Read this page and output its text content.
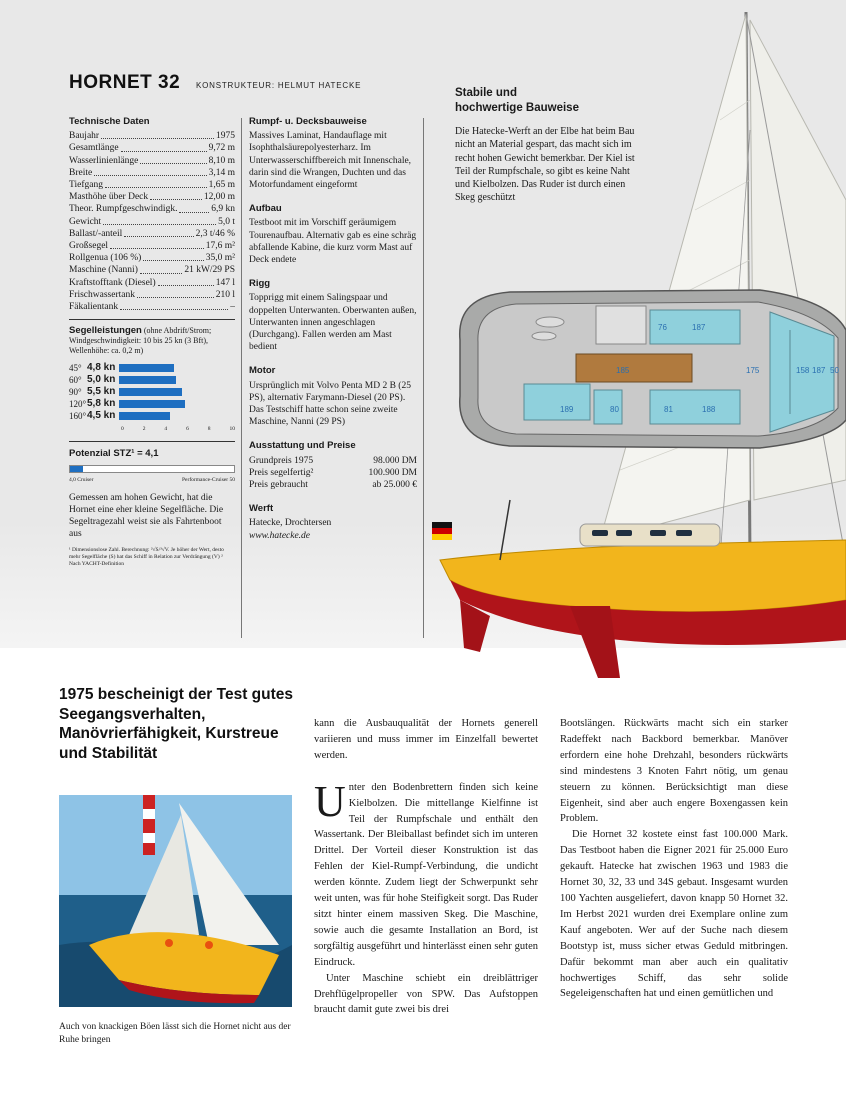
HORNET 32 KONSTRUKTEUR: HELMUT HATECKE
Technische Daten
Baujahr	1975
Gesamtlänge	9,72 m
Wasserlinienlänge	8,10 m
Breite	3,14 m
Tiefgang	1,65 m
Masthöhe über Deck	12,00 m
Theor. Rumpfgeschwindigk.	6,9 kn
Gewicht	5,0 t
Ballast/-anteil	2,3 t/46 %
Großsegel	17,6 m²
Rollgenua (106 %)	35,0 m²
Maschine (Nanni)	21 kW/29 PS
Kraftstofftank (Diesel)	147 l
Frischwassertank	210 l
Fäkalientank	–
Segelleistungen (ohne Abdrift/Strom;
Windgeschwindigkeit: 10 bis 25 kn (3 Bft),
Wellenhöhe: ca. 0,2 m)
45° 4,8 kn
60° 5,0 kn
90° 5,5 kn
120° 5,8 kn
160° 4,5 kn
0	2	4	6	8	10
Potenzial STZ¹ = 4,1
4,0 Cruiser	Performance-Cruiser 50
Gemessen am hohen Gewicht, hat die Hornet eine eher kleine Segelfläche. Die Segeltragezahl weist sie als Fahrtenboot aus
¹ Dimensionslose Zahl. Berechnung: ²√S/³√V. Je höher der Wert, desto mehr Segelfläche (S) hat das Schiff in Relation zur Verdrängung (V) ² Nach YACHT-Definition
Rumpf- u. Decksbauweise
Massives Laminat, Handauflage mit Isophthalsäurepolyesterharz. Im Unterwasserschiffbereich mit Innenschale, darin sind die Wrangen, Duchten und das Motorfundament eingeformt
Aufbau
Testboot mit im Vorschiff geräumigem Tourenaufbau. Alternativ gab es eine schräg abfallende Kabine, die kurz vorm Mast auf Deck endete
Rigg
Topprigg mit einem Salingspaar und doppelten Unterwanten. Oberwanten außen, Unterwanten innen angeschlagen (Durchgang). Fallen werden am Mast bedient
Motor
Ursprünglich mit Volvo Penta MD 2 B (25 PS), alternativ Farymann-Diesel (20 PS). Das Testschiff hatte schon seine zweite Maschine, Nanni (29 PS)
Ausstattung und Preise
Grundpreis 1975	98.000 DM
Preis segelfertig²	100.900 DM
Preis gebraucht	ab 25.000 €
Werft
Hatecke, Drochtersen
www.hatecke.de
76	187
185	175
189	80	81	188
158 187 50
Stabile und
hochwertige Bauweise
Die Hatecke-Werft an der Elbe hat beim Bau nicht an Material gespart, das macht sich im recht hohen Gewicht bemerkbar. Der Kiel ist Teil der Rumpfschale, so gibt es keine Naht und Kielbolzen. Das Ruder ist durch einen Skeg geschützt
1975 bescheinigt der Test gutes Seegangsverhalten, Manövrierfähigkeit, Kurstreue und Stabilität
Auch von knackigen Böen lässt sich die Hornet nicht aus der Ruhe bringen

kann die Ausbauqualität der Hornets generell variieren und muss immer im Einzelfall bewertet werden.

Unter den Bodenbrettern finden sich keine Kielbolzen. Die mittellange Kielfinne ist Teil der Rumpfschale und enthält den Wassertank. Der Bleiballast befindet sich im unteren Drittel. Der Vorteil dieser Konstruktion ist das Fehlen der Kiel-Rumpf-Verbindung, die undicht werden könnte. Zudem liegt der Schwerpunkt sehr weit unten, was für hohe Steifigkeit sorgt. Das Ruder sitzt hinter einem massiven Skeg. Die Maschine, sowie auch die gesamte Installation an Bord, ist sorgfältig ausgeführt und hinterlässt einen sehr guten Eindruck.

Unter Maschine schiebt ein dreiblättriger Drehflügelpropeller von SPW. Das Aufstoppen braucht damit gute zwei bis drei

Bootslängen. Rückwärts macht sich ein starker Radeffekt nach Backbord bemerkbar. Manöver erfordern eine hohe Drehzahl, besonders rückwärts sind mindestens 3 Knoten Fahrt nötig, um genau steuern zu können. Berücksichtigt man diese Eigenheit, sind aber auch engere Boxengassen kein Problem.

Die Hornet 32 kostete einst fast 100.000 Mark. Das Testboot haben die Eigner 2021 für 25.000 Euro gekauft. Hatecke hat zwischen 1963 und 1983 die Hornet 30, 32, 33 und 34S gebaut. Insgesamt wurden 100 Yachten ausgeliefert, davon knapp 50 Hornet 32. Im Herbst 2021 wurden drei Exemplare online zum Kauf angeboten. Wer auf der Suche nach diesem Bootstyp ist, muss sicher etwas Geduld mitbringen. Dafür bekommt man aber auch ein qualitativ hochwertiges Schiff, das sehr solide Segeleigenschaften hat und einen gemütlichen und
